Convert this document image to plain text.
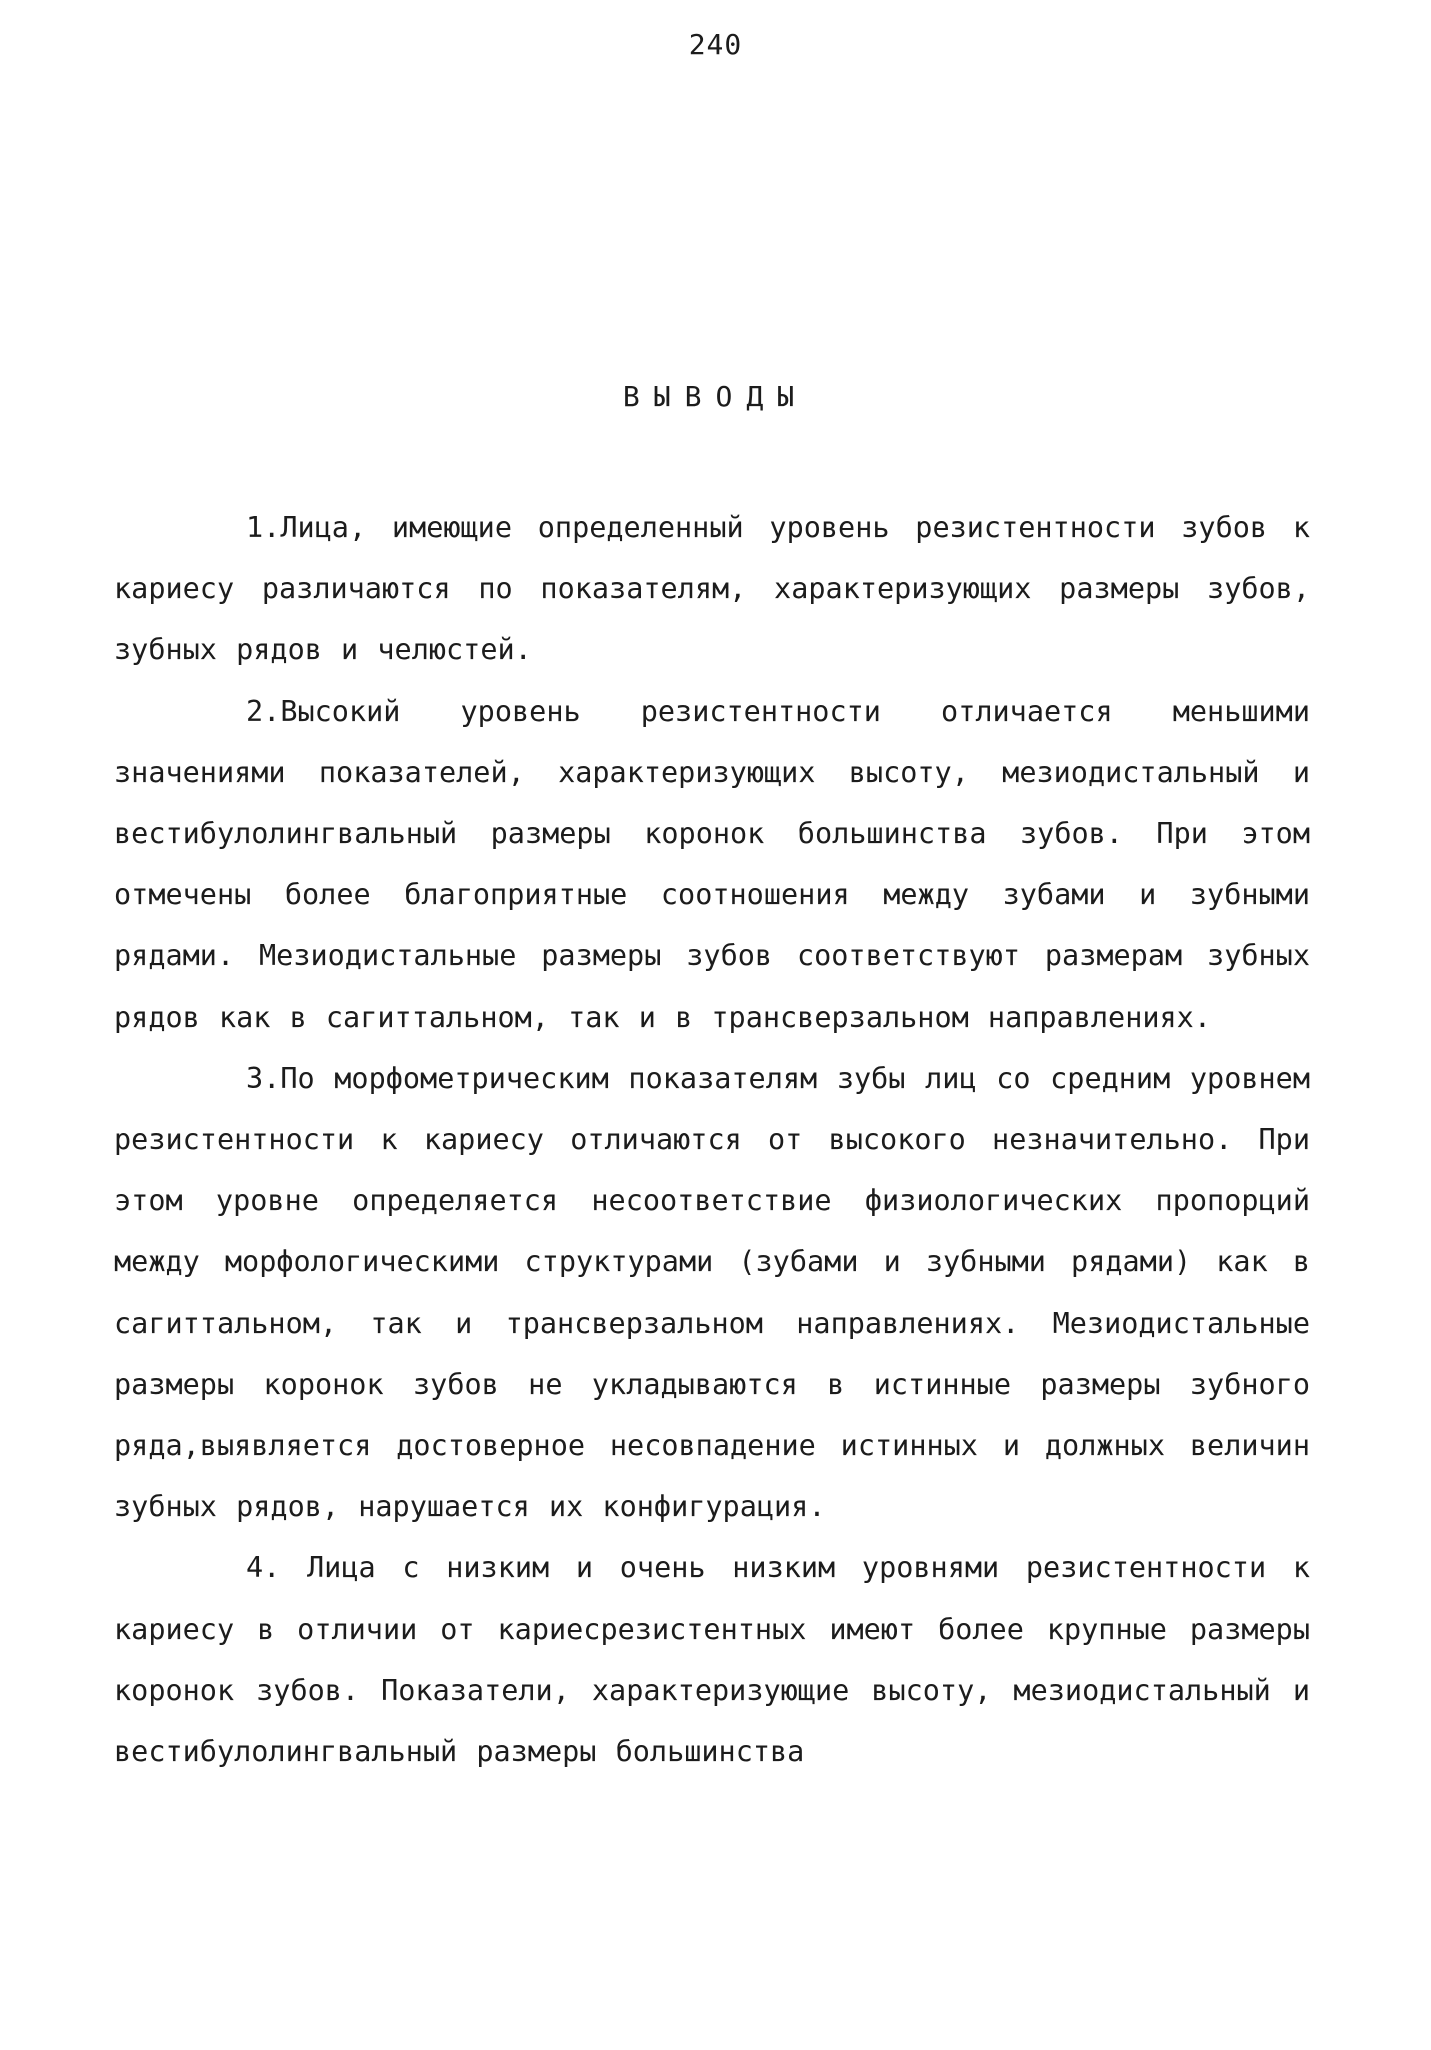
240
ВЫВОДЫ

1.Лица, имеющие определенный уровень резистентности зубов к кариесу различаются по показателям, характеризующих размеры зубов, зубных рядов и челюстей.

2.Высокий уровень резистентности отличается меньшими значениями показателей, характеризующих высоту, мезиодистальный и вестибулолингвальный размеры коронок большинства зубов. При этом отмечены более благоприятные соотношения между зубами и зубными рядами. Мезиодистальные размеры зубов соответствуют размерам зубных рядов как в сагиттальном, так и в трансверзальном направлениях.

3.По морфометрическим показателям зубы лиц со средним уровнем резистентности к кариесу отличаются от высокого незначительно. При этом уровне определяется несоответствие физиологических пропорций между морфологическими структурами (зубами и зубными рядами) как в сагиттальном, так и трансверзальном направлениях. Мезиодистальные размеры коронок зубов не укладываются в истинные размеры зубного ряда,выявляется достоверное несовпадение истинных и должных величин зубных рядов, нарушается их конфигурация.

4. Лица с низким и очень низким уровнями резистентности к кариесу в отличии от кариесрезистентных имеют более крупные размеры коронок зубов. Показатели, характеризующие высоту, мезиодистальный и вестибулолингвальный размеры большинства
